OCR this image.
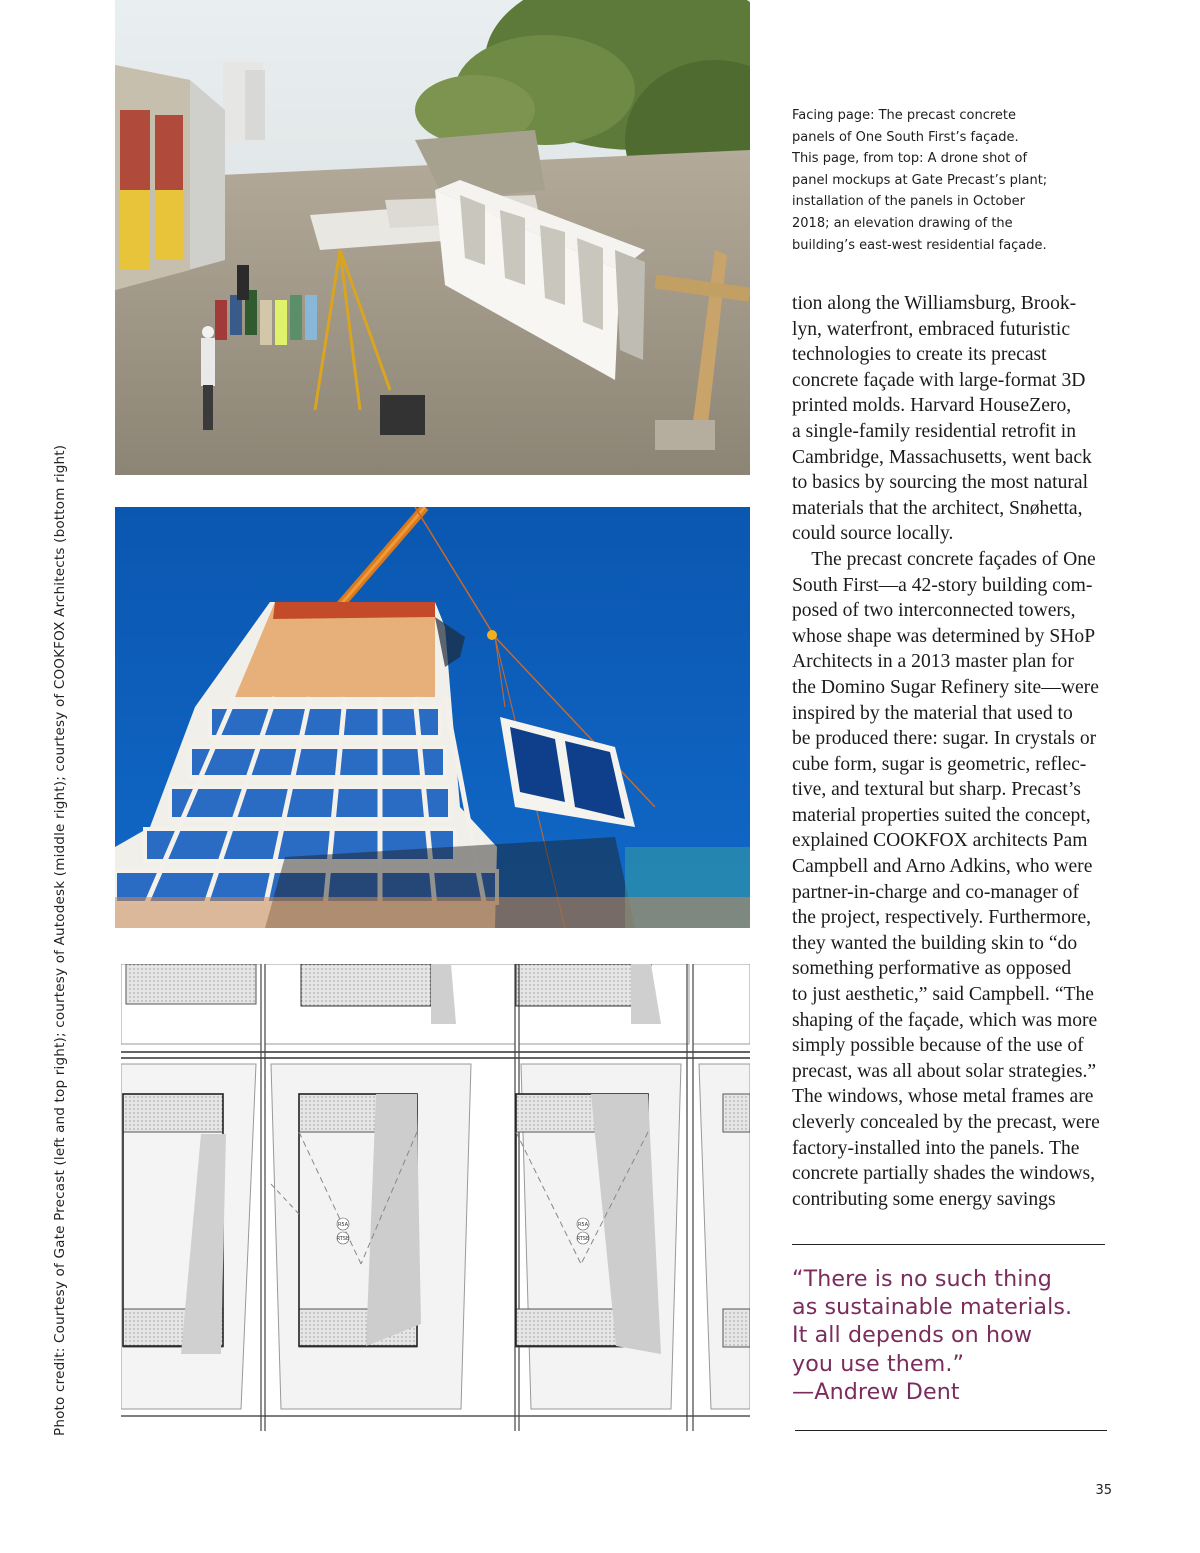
Photo credit: Courtesy of Gate Precast (left and top right); courtesy of Autodesk (middle right); courtesy of COOKFOX Architects (bottom right)	R5A
RTSB
R5A
RTSB
Facing page: The precast concrete
panels of One South First’s façade.
This page, from top: A drone shot of
panel mockups at Gate Precast’s plant;
installation of the panels in October
2018; an elevation drawing of the
building’s east-west residential façade.

tion along the Williamsburg, Brook-
lyn, waterfront, embraced futuristic
technologies to create its precast
concrete façade with large-format 3D
printed molds. Harvard HouseZero,
a single-family residential retrofit in
Cambridge, Massachusetts, went back
to basics by sourcing the most natural
materials that the architect, Snøhetta,
could source locally.
The precast concrete façades of One
South First—a 42-story building com-
posed of two interconnected towers,
whose shape was determined by SHoP
Architects in a 2013 master plan for
the Domino Sugar Refinery site—were
inspired by the material that used to
be produced there: sugar. In crystals or
cube form, sugar is geometric, reflec-
tive, and textural but sharp. Precast’s
material properties suited the concept,
explained COOKFOX architects Pam
Campbell and Arno Adkins, who were
partner-in-charge and co-manager of
the project, respectively. Furthermore,
they wanted the building skin to “do
something performative as opposed
to just aesthetic,” said Campbell. “The
shaping of the façade, which was more
simply possible because of the use of
precast, was all about solar strategies.”
The windows, whose metal frames are
cleverly concealed by the precast, were
factory-installed into the panels. The
concrete partially shades the windows,
contributing some energy savings

“There is no such thing
as sustainable materials.
It all depends on how
you use them.”
—Andrew Dent
35
